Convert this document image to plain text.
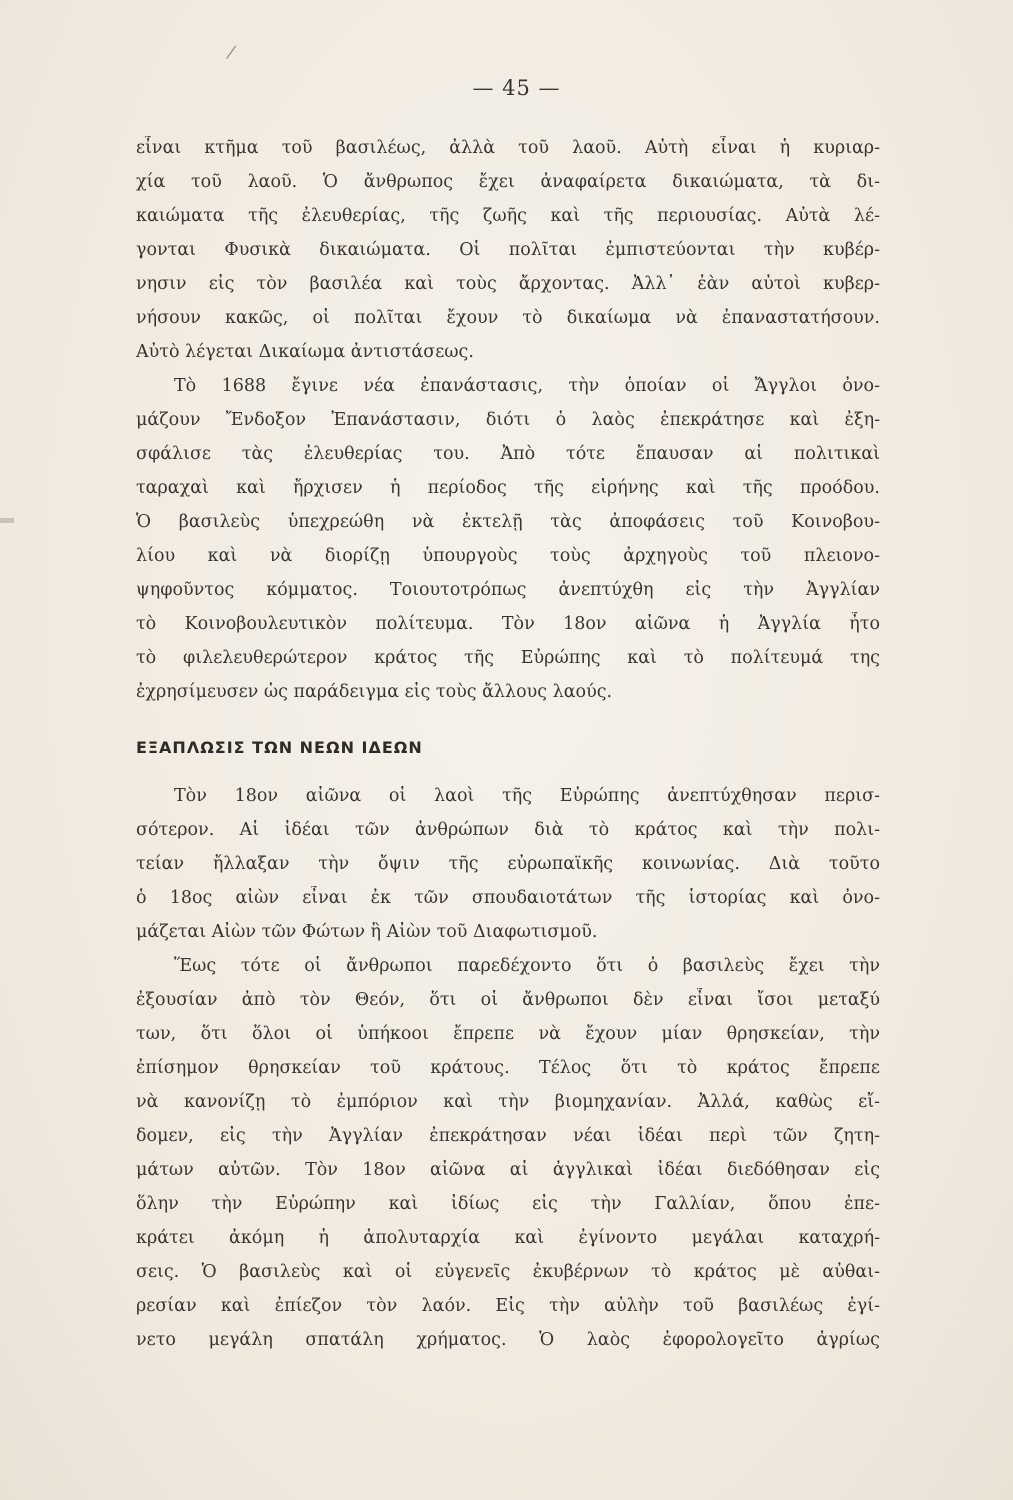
/
— 45 —
εἶναι κτῆμα τοῦ βασιλέως, ἀλλὰ τοῦ λαοῦ. Αὐτὴ εἶναι ἡ κυριαρ-
χία τοῦ λαοῦ. Ὁ ἄνθρωπος ἔχει ἀναφαίρετα δικαιώματα, τὰ δι-
καιώματα τῆς ἐλευθερίας, τῆς ζωῆς καὶ τῆς περιουσίας. Αὐτὰ λέ-
γονται Φυσικὰ δικαιώματα. Οἱ πολῖται ἐμπιστεύονται τὴν κυβέρ-
νησιν εἰς τὸν βασιλέα καὶ τοὺς ἄρχοντας. Ἀλλ᾽ ἐὰν αὐτοὶ κυβερ-
νήσουν κακῶς, οἱ πολῖται ἔχουν τὸ δικαίωμα νὰ ἐπαναστατήσουν.
Αὐτὸ λέγεται Δικαίωμα ἀντιστάσεως.
Τὸ 1688 ἔγινε νέα ἐπανάστασις, τὴν ὁποίαν οἱ Ἄγγλοι ὀνο-
μάζουν Ἔνδοξον Ἐπανάστασιν, διότι ὁ λαὸς ἐπεκράτησε καὶ ἐξη-
σφάλισε τὰς ἐλευθερίας του. Ἀπὸ τότε ἔπαυσαν αἱ πολιτικαὶ
ταραχαὶ καὶ ἤρχισεν ἡ περίοδος τῆς εἰρήνης καὶ τῆς προόδου.
Ὁ βασιλεὺς ὑπεχρεώθη νὰ ἐκτελῇ τὰς ἀποφάσεις τοῦ Κοινοβου-
λίου καὶ νὰ διορίζῃ ὑπουργοὺς τοὺς ἀρχηγοὺς τοῦ πλειονο-
ψηφοῦντος κόμματος. Τοιουτοτρόπως ἀνεπτύχθη εἰς τὴν Ἀγγλίαν
τὸ Κοινοβουλευτικὸν πολίτευμα. Τὸν 18ον αἰῶνα ἡ Ἀγγλία ἦτο
τὸ φιλελευθερώτερον κράτος τῆς Εὐρώπης καὶ τὸ πολίτευμά της
ἐχρησίμευσεν ὡς παράδειγμα εἰς τοὺς ἄλλους λαούς.
ΕΞΑΠΛΩΣΙΣ ΤΩΝ ΝΕΩΝ ΙΔΕΩΝ
Τὸν 18ον αἰῶνα οἱ λαοὶ τῆς Εὐρώπης ἀνεπτύχθησαν περισ-
σότερον. Αἱ ἰδέαι τῶν ἀνθρώπων διὰ τὸ κράτος καὶ τὴν πολι-
τείαν ἤλλαξαν τὴν ὄψιν τῆς εὐρωπαϊκῆς κοινωνίας. Διὰ τοῦτο
ὁ 18ος αἰὼν εἶναι ἐκ τῶν σπουδαιοτάτων τῆς ἱστορίας καὶ ὀνο-
μάζεται Αἰὼν τῶν Φώτων ἢ Αἰὼν τοῦ Διαφωτισμοῦ.
Ἕως τότε οἱ ἄνθρωποι παρεδέχοντο ὅτι ὁ βασιλεὺς ἔχει τὴν
ἐξουσίαν ἀπὸ τὸν Θεόν, ὅτι οἱ ἄνθρωποι δὲν εἶναι ἴσοι μεταξύ
των, ὅτι ὅλοι οἱ ὑπήκοοι ἔπρεπε νὰ ἔχουν μίαν θρησκείαν, τὴν
ἐπίσημον θρησκείαν τοῦ κράτους. Τέλος ὅτι τὸ κράτος ἔπρεπε
νὰ κανονίζῃ τὸ ἐμπόριον καὶ τὴν βιομηχανίαν. Ἀλλά, καθὼς εἴ-
δομεν, εἰς τὴν Ἀγγλίαν ἐπεκράτησαν νέαι ἰδέαι περὶ τῶν ζητη-
μάτων αὐτῶν. Τὸν 18ον αἰῶνα αἱ ἀγγλικαὶ ἰδέαι διεδόθησαν εἰς
ὅλην τὴν Εὐρώπην καὶ ἰδίως εἰς τὴν Γαλλίαν, ὅπου ἐπε-
κράτει ἀκόμη ἡ ἀπολυταρχία καὶ ἐγίνοντο μεγάλαι καταχρή-
σεις. Ὁ βασιλεὺς καὶ οἱ εὐγενεῖς ἐκυβέρνων τὸ κράτος μὲ αὐθαι-
ρεσίαν καὶ ἐπίεζον τὸν λαόν. Εἰς τὴν αὐλὴν τοῦ βασιλέως ἐγί-
νετο μεγάλη σπατάλη χρήματος. Ὁ λαὸς ἐφορολογεῖτο ἀγρίως
